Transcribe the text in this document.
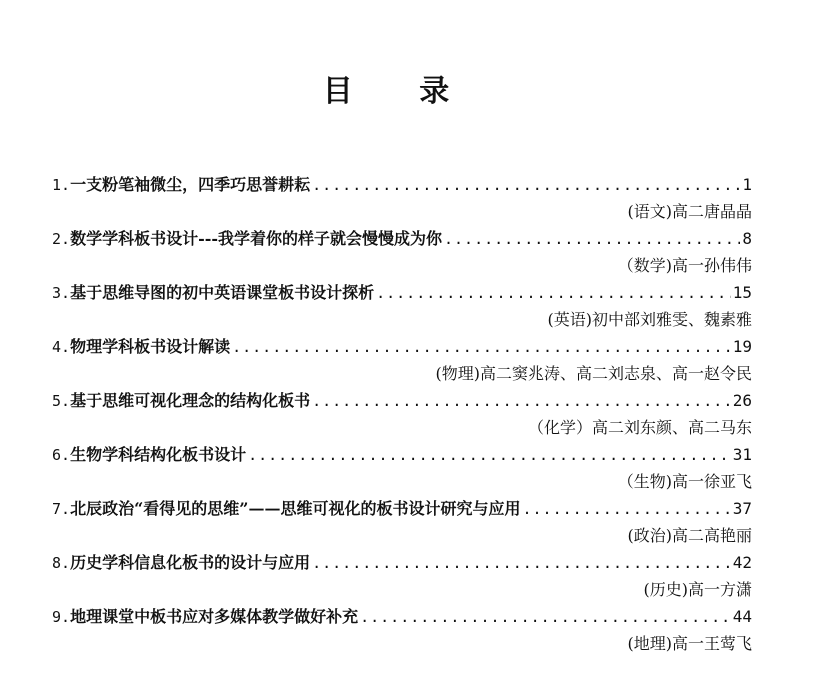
目 录
1. 一支粉笔袖微尘，四季巧思誉耕耘 .....	1
(语文)高二唐晶晶
2. 数学学科板书设计---我学着你的样子就会慢慢成为你 .....	8
（数学)高一孙伟伟
3. 基于思维导图的初中英语课堂板书设计探析 .....	15
(英语)初中部刘雅雯、魏素雅
4. 物理学科板书设计解读 .....	19
(物理)高二窦兆涛、高二刘志泉、高一赵令民
5. 基于思维可视化理念的结构化板书 .....	26
（化学）高二刘东颜、高二马东
6. 生物学科结构化板书设计 .....	31
（生物)高一徐亚飞
7. 北辰政治“看得见的思维”——思维可视化的板书设计研究与应用 .....	37
(政治)高二高艳丽
8. 历史学科信息化板书的设计与应用 .....	42
(历史)高一方潇
9. 地理课堂中板书应对多媒体教学做好补充 .....	44
(地理)高一王莺飞
